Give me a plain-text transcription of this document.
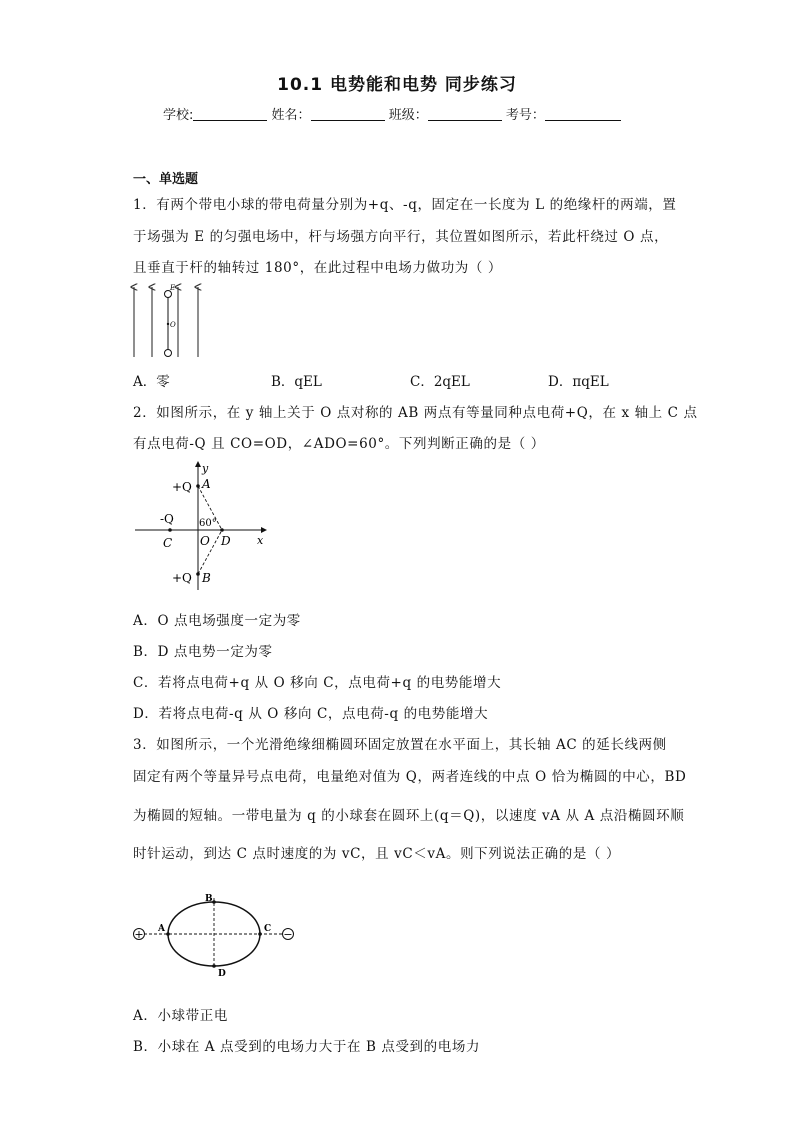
10.1 电势能和电势 同步练习
学校:	姓名：	班级：	考号：
一、单选题
1．有两个带电小球的带电荷量分别为+q、-q，固定在一长度为 L 的绝缘杆的两端，置
于场强为 E 的匀强电场中，杆与场强方向平行，其位置如图所示，若此杆绕过 O 点，
且垂直于杆的轴转过 180°，在此过程中电场力做功为（ ）
E
O
A．零	B．qEL	C．2qEL	D．πqEL
2．如图所示，在 y 轴上关于 O 点对称的 AB 两点有等量同种点电荷+Q，在 x 轴上 C 点
有点电荷-Q 且 CO=OD，∠ADO=60°。下列判断正确的是（ ）
y
x
+Q A
-Q
C O D
60°
+Q B
A．O 点电场强度一定为零
B．D 点电势一定为零
C．若将点电荷+q 从 O 移向 C，点电荷+q 的电势能增大
D．若将点电荷-q 从 O 移向 C，点电荷-q 的电势能增大
3．如图所示，一个光滑绝缘细椭圆环固定放置在水平面上，其长轴 AC 的延长线两侧
固定有两个等量异号点电荷，电量绝对值为 Q，两者连线的中点 O 恰为椭圆的中心，BD
为椭圆的短轴。一带电量为 q 的小球套在圆环上(q＝Q)，以速度 vA 从 A 点沿椭圆环顺
时针运动，到达 C 点时速度的为 vC，且 vC＜vA。则下列说法正确的是（ ）
+	−
A
B
C
D
A．小球带正电
B．小球在 A 点受到的电场力大于在 B 点受到的电场力
